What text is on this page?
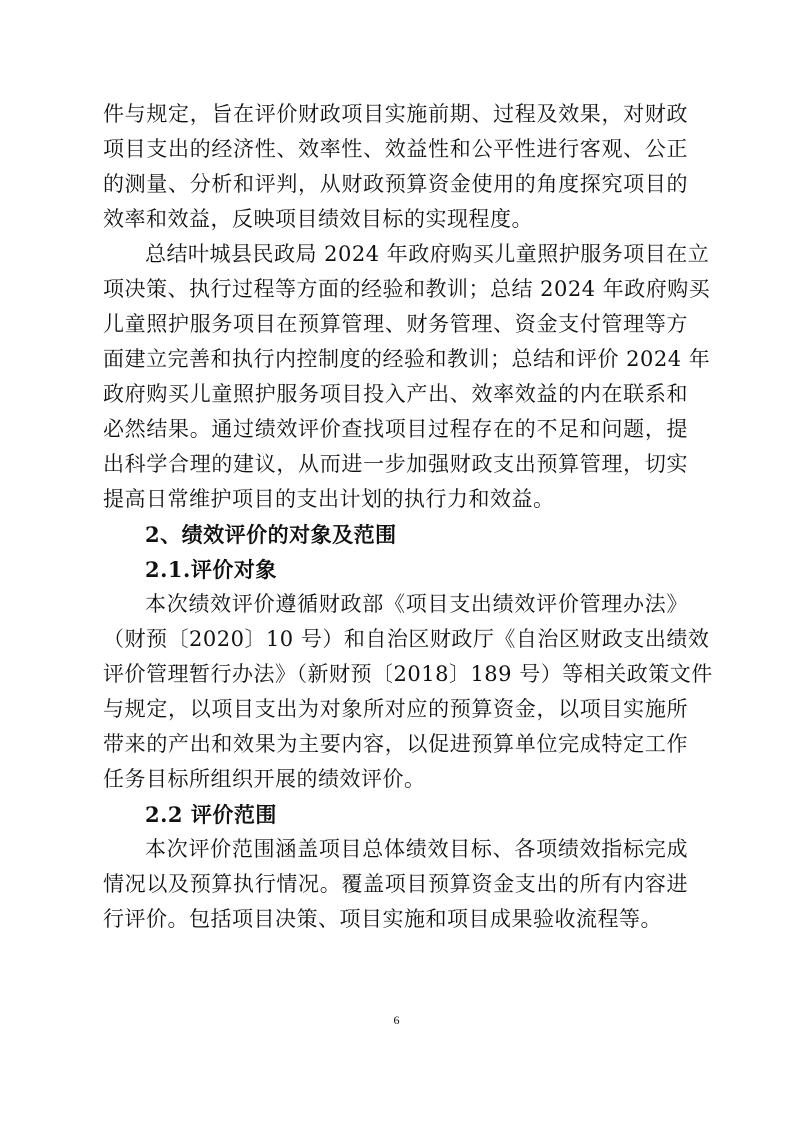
件与规定，旨在评价财政项目实施前期、过程及效果，对财政
项目支出的经济性、效率性、效益性和公平性进行客观、公正
的测量、分析和评判，从财政预算资金使用的角度探究项目的
效率和效益，反映项目绩效目标的实现程度。
总结叶城县民政局 2024 年政府购买儿童照护服务项目在立
项决策、执行过程等方面的经验和教训；总结 2024 年政府购买
儿童照护服务项目在预算管理、财务管理、资金支付管理等方
面建立完善和执行内控制度的经验和教训；总结和评价 2024 年
政府购买儿童照护服务项目投入产出、效率效益的内在联系和
必然结果。通过绩效评价查找项目过程存在的不足和问题，提
出科学合理的建议，从而进一步加强财政支出预算管理，切实
提高日常维护项目的支出计划的执行力和效益。
2、绩效评价的对象及范围
2.1.评价对象
本次绩效评价遵循财政部《项目支出绩效评价管理办法》
（财预〔2020〕10 号）和自治区财政厅《自治区财政支出绩效
评价管理暂行办法》（新财预〔2018〕189 号）等相关政策文件
与规定，以项目支出为对象所对应的预算资金，以项目实施所
带来的产出和效果为主要内容，以促进预算单位完成特定工作
任务目标所组织开展的绩效评价。
2.2 评价范围
本次评价范围涵盖项目总体绩效目标、各项绩效指标完成
情况以及预算执行情况。覆盖项目预算资金支出的所有内容进
行评价。包括项目决策、项目实施和项目成果验收流程等。
6
